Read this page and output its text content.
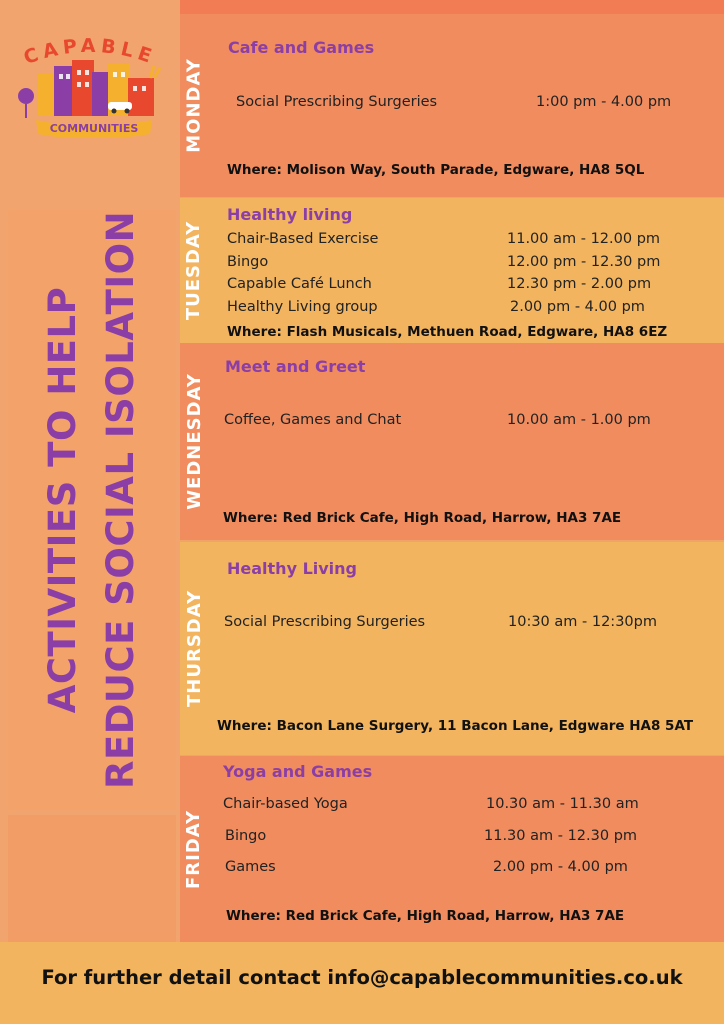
CAPABLE
COMMUNITIES
ACTIVITIES TO HELP REDUCE SOCIAL ISOLATION
MONDAY
Cafe and Games
Social Prescribing Surgeries	1:00 pm - 4.00 pm
Where: Molison Way, South Parade, Edgware, HA8 5QL
TUESDAY
Healthy living
Chair-Based Exercise	11.00 am - 12.00 pm
Bingo	12.00 pm - 12.30 pm
Capable Café Lunch	12.30 pm - 2.00 pm
Healthy Living group	2.00 pm - 4.00 pm
Where: Flash Musicals, Methuen Road, Edgware, HA8 6EZ
WEDNESDAY
Meet and Greet
Coffee, Games and Chat	10.00 am - 1.00 pm
Where: Red Brick Cafe, High Road, Harrow, HA3 7AE
THURSDAY
Healthy Living
Social Prescribing Surgeries	10:30 am - 12:30pm
Where: Bacon Lane Surgery, 11 Bacon Lane, Edgware HA8 5AT
FRIDAY
Yoga and Games
Chair-based Yoga	10.30 am - 11.30 am
Bingo	11.30 am - 12.30 pm
Games	2.00 pm - 4.00 pm
Where: Red Brick Cafe, High Road, Harrow, HA3 7AE
For further detail contact info@capablecommunities.co.uk
